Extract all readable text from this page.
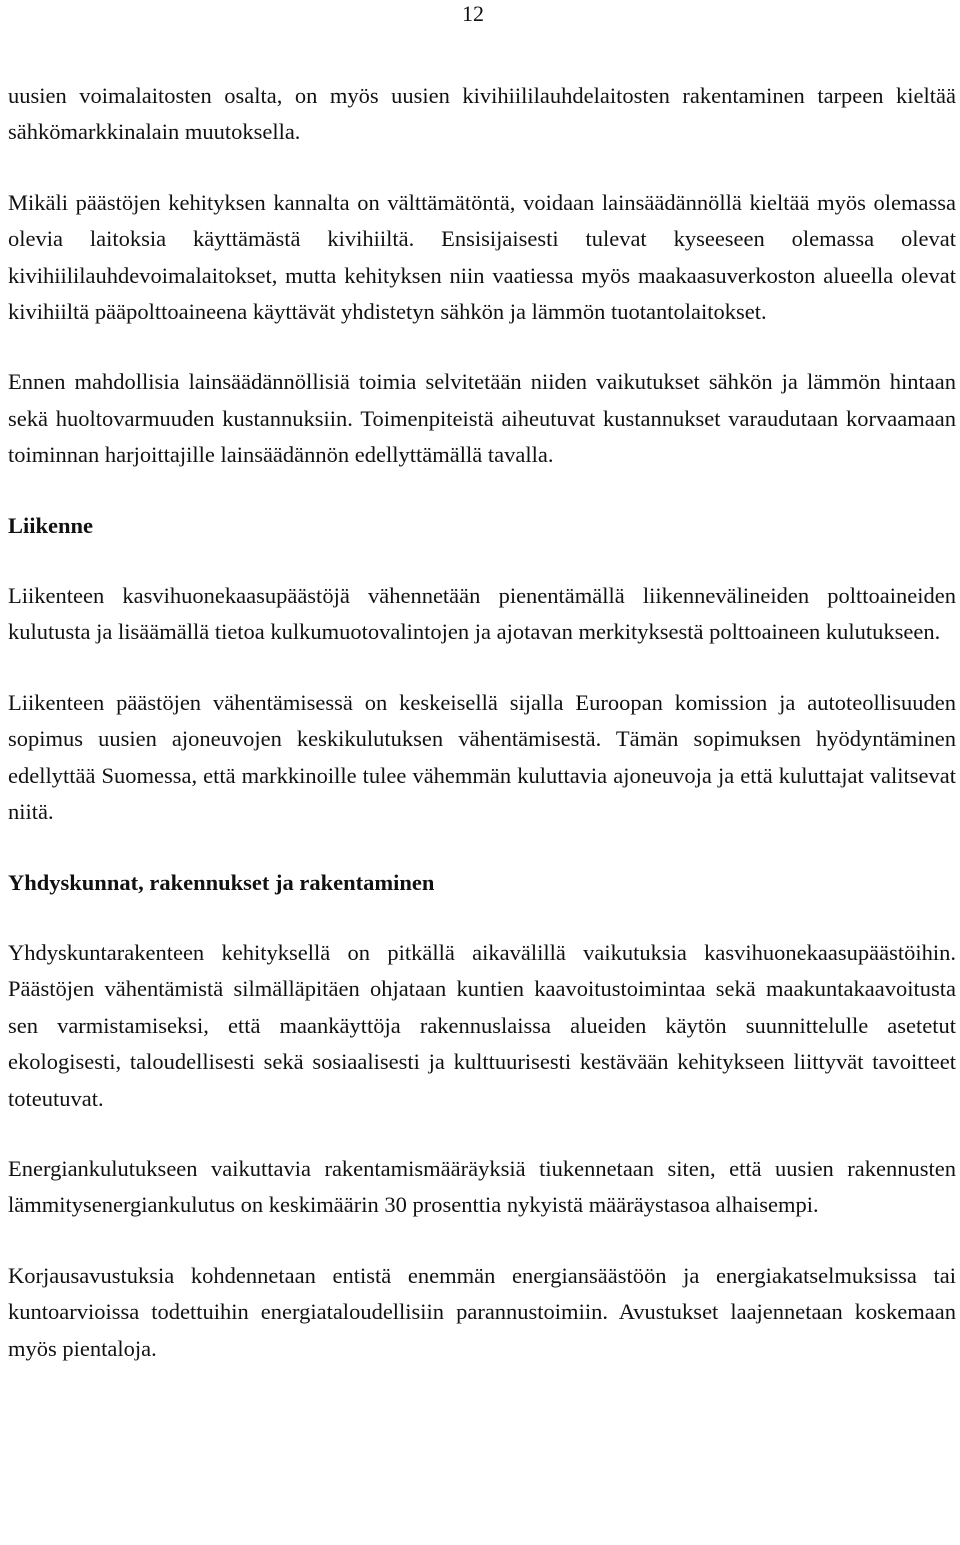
12

uusien voimalaitosten osalta, on myös uusien kivihiililauhdelaitosten rakentaminen tarpeen kieltää sähkömarkkinalain muutoksella.

Mikäli päästöjen kehityksen kannalta on välttämätöntä, voidaan lainsäädännöllä kieltää myös olemassa olevia laitoksia käyttämästä kivihiiltä. Ensisijaisesti tulevat kyseeseen olemassa olevat kivihiililauhdevoimalaitokset, mutta kehityksen niin vaatiessa myös maakaasuverkoston alueella olevat kivihiiltä pääpolttoaineena käyttävät yhdistetyn sähkön ja lämmön tuotantolaitokset.

Ennen mahdollisia lainsäädännöllisiä toimia selvitetään niiden vaikutukset sähkön ja lämmön hintaan sekä huoltovarmuuden kustannuksiin. Toimenpiteistä aiheutuvat kustannukset varaudutaan korvaamaan toiminnan harjoittajille lainsäädännön edellyttämällä tavalla.

Liikenne

Liikenteen kasvihuonekaasupäästöjä vähennetään pienentämällä liikennevälineiden polttoaineiden kulutusta ja lisäämällä tietoa kulkumuotovalintojen ja ajotavan merkityksestä polttoaineen kulutukseen.

Liikenteen päästöjen vähentämisessä on keskeisellä sijalla Euroopan komission ja autoteollisuuden sopimus uusien ajoneuvojen keskikulutuksen vähentämisestä. Tämän sopimuksen hyödyntäminen edellyttää Suomessa, että markkinoille tulee vähemmän kuluttavia ajoneuvoja ja että kuluttajat valitsevat niitä.

Yhdyskunnat, rakennukset ja rakentaminen

Yhdyskuntarakenteen kehityksellä on pitkällä aikavälillä vaikutuksia kasvihuonekaasupäästöihin. Päästöjen vähentämistä silmälläpitäen ohjataan kuntien kaavoitustoimintaa sekä maakuntakaavoitusta sen varmistamiseksi, että maankäyttöja rakennuslaissa alueiden käytön suunnittelulle asetetut ekologisesti, taloudellisesti sekä sosiaalisesti ja kulttuurisesti kestävään kehitykseen liittyvät tavoitteet toteutuvat.

Energiankulutukseen vaikuttavia rakentamismääräyksiä tiukennetaan siten, että uusien rakennusten lämmitysenergiankulutus on keskimäärin 30 prosenttia nykyistä määräystasoa alhaisempi.

Korjausavustuksia kohdennetaan entistä enemmän energiansäästöön ja energiakatselmuksissa tai kuntoarvioissa todettuihin energiataloudellisiin parannustoimiin. Avustukset laajennetaan koskemaan myös pientaloja.
